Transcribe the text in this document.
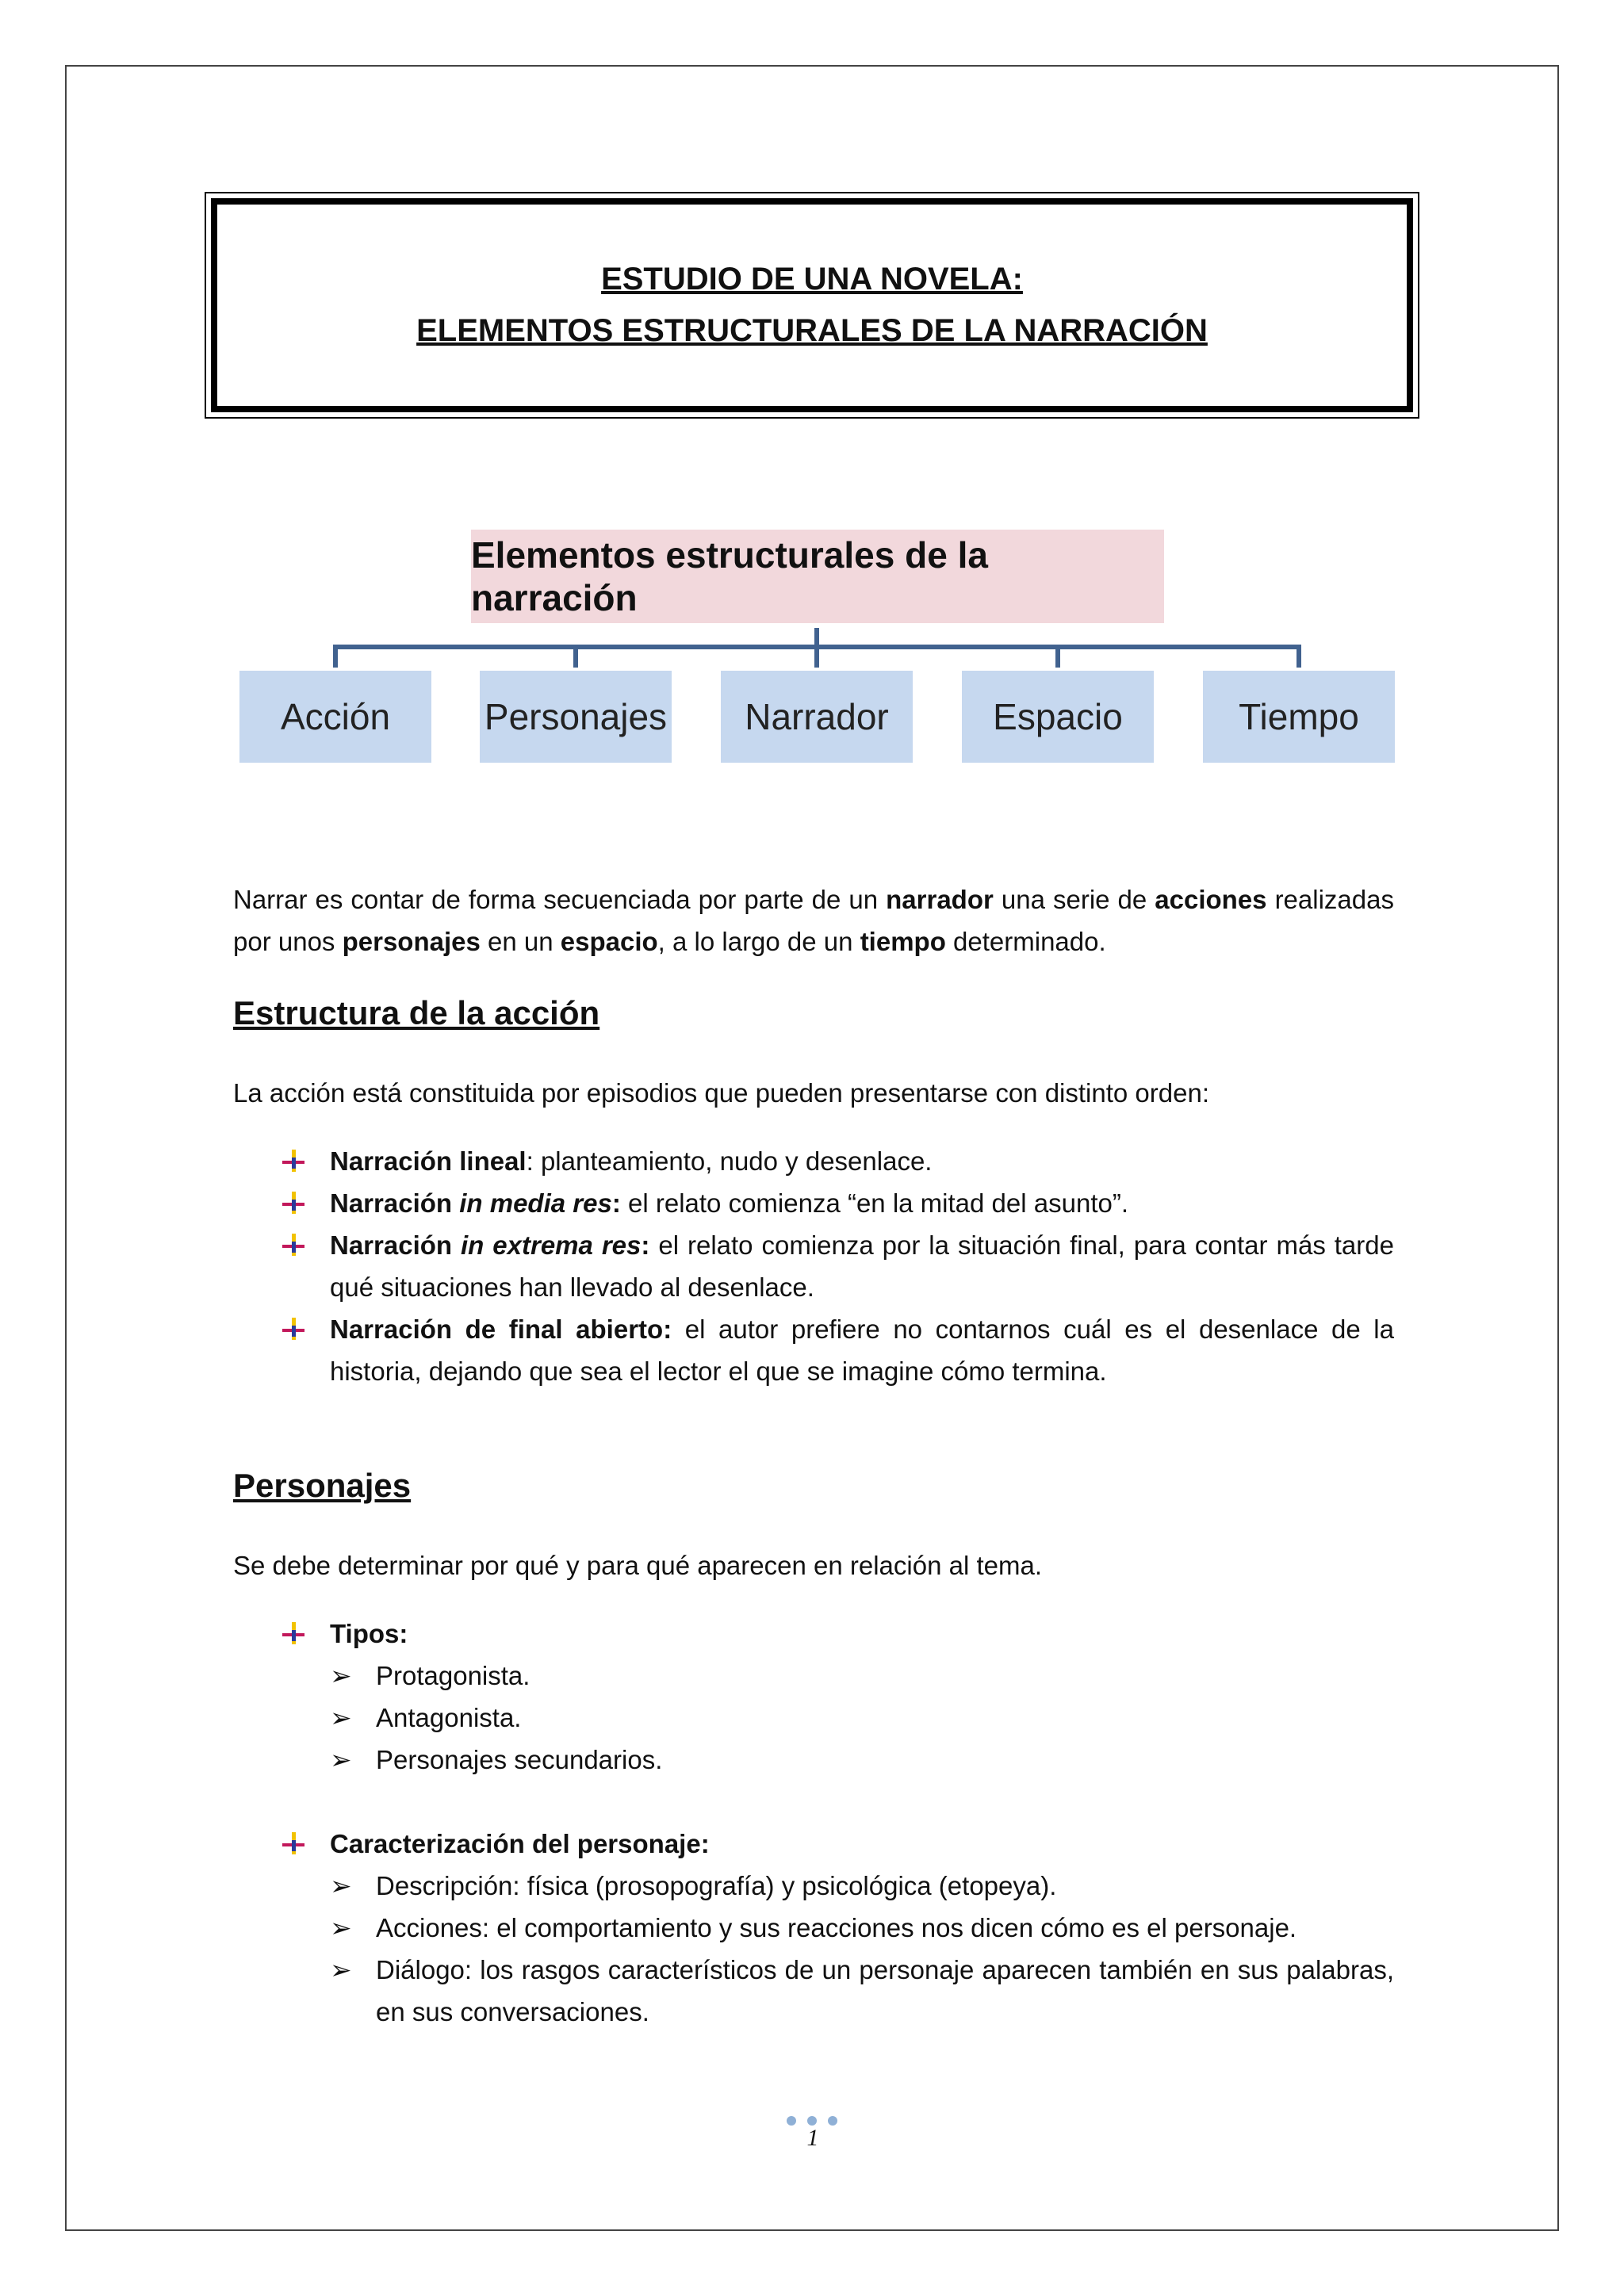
ESTUDIO DE UNA NOVELA:
ELEMENTOS ESTRUCTURALES DE LA NARRACIÓN
Elementos estructurales de la narración
Acción	Personajes	Narrador	Espacio	Tiempo
Narrar es contar de forma secuenciada por parte de un narrador una serie de acciones realizadas por unos personajes en un espacio, a lo largo de un tiempo determinado.
Estructura de la acción
La acción está constituida por episodios que pueden presentarse con distinto orden:
Narración lineal: planteamiento, nudo y desenlace.
Narración in media res: el relato comienza “en la mitad del asunto”.
Narración in extrema res: el relato comienza por la situación final, para contar más tarde qué situaciones han llevado al desenlace.
Narración de final abierto: el autor prefiere no contarnos cuál es el desenlace de la historia, dejando que sea el lector el que se imagine cómo termina.
Personajes
Se debe determinar por qué y para qué aparecen en relación al tema.
Tipos:
➢ Protagonista.
➢ Antagonista.
➢ Personajes secundarios.
Caracterización del personaje:
➢ Descripción: física (prosopografía) y psicológica (etopeya).
➢ Acciones: el comportamiento y sus reacciones nos dicen cómo es el personaje.
➢ Diálogo: los rasgos característicos de un personaje aparecen también en sus palabras, en sus conversaciones.
1
